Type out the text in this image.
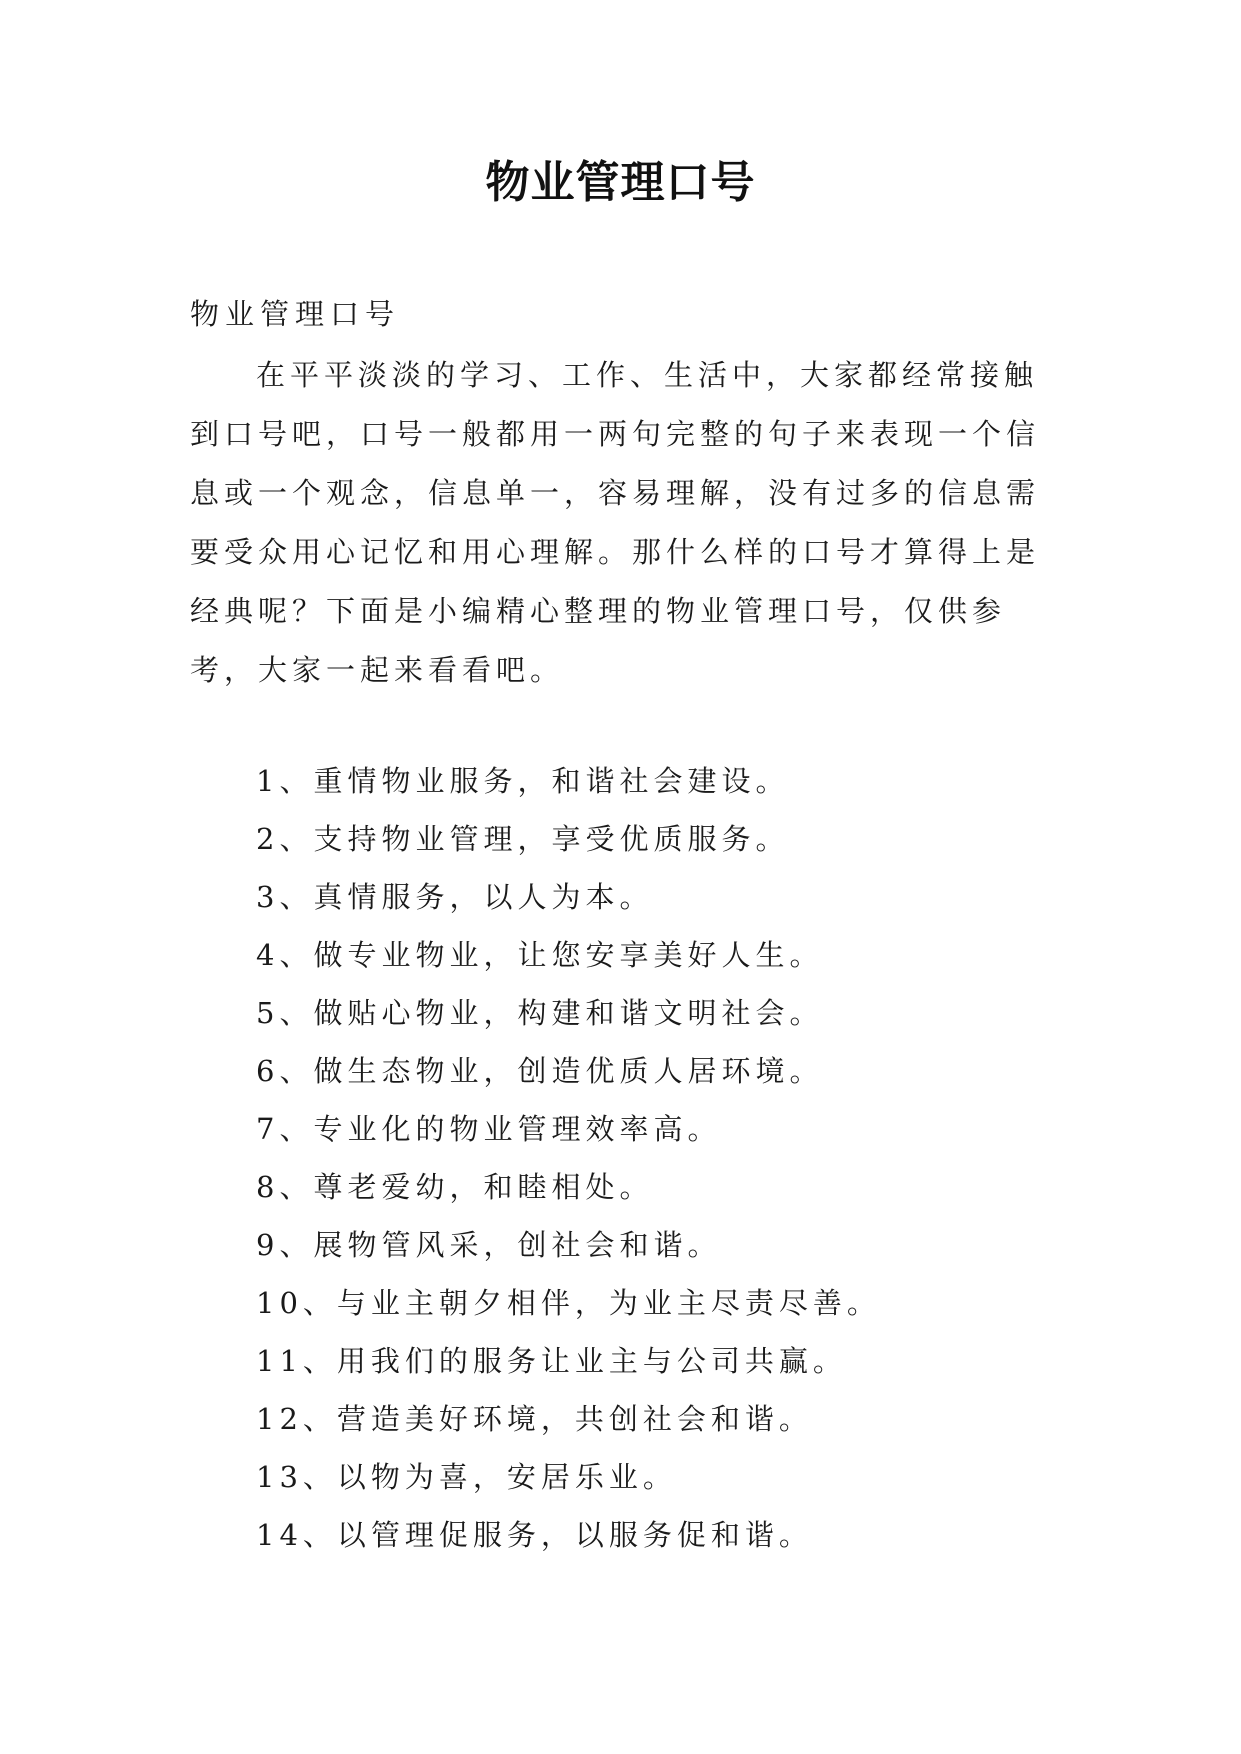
物业管理口号
物业管理口号

在平平淡淡的学习、工作、生活中，大家都经常接触到口号吧，口号一般都用一两句完整的句子来表现一个信息或一个观念，信息单一，容易理解，没有过多的信息需要受众用心记忆和用心理解。那什么样的口号才算得上是经典呢？下面是小编精心整理的物业管理口号，仅供参考，大家一起来看看吧。

1、重情物业服务，和谐社会建设。
2、支持物业管理，享受优质服务。
3、真情服务，以人为本。
4、做专业物业，让您安享美好人生。
5、做贴心物业，构建和谐文明社会。
6、做生态物业，创造优质人居环境。
7、专业化的物业管理效率高。
8、尊老爱幼，和睦相处。
9、展物管风采，创社会和谐。
10、与业主朝夕相伴，为业主尽责尽善。
11、用我们的服务让业主与公司共赢。
12、营造美好环境，共创社会和谐。
13、以物为喜，安居乐业。
14、以管理促服务，以服务促和谐。
